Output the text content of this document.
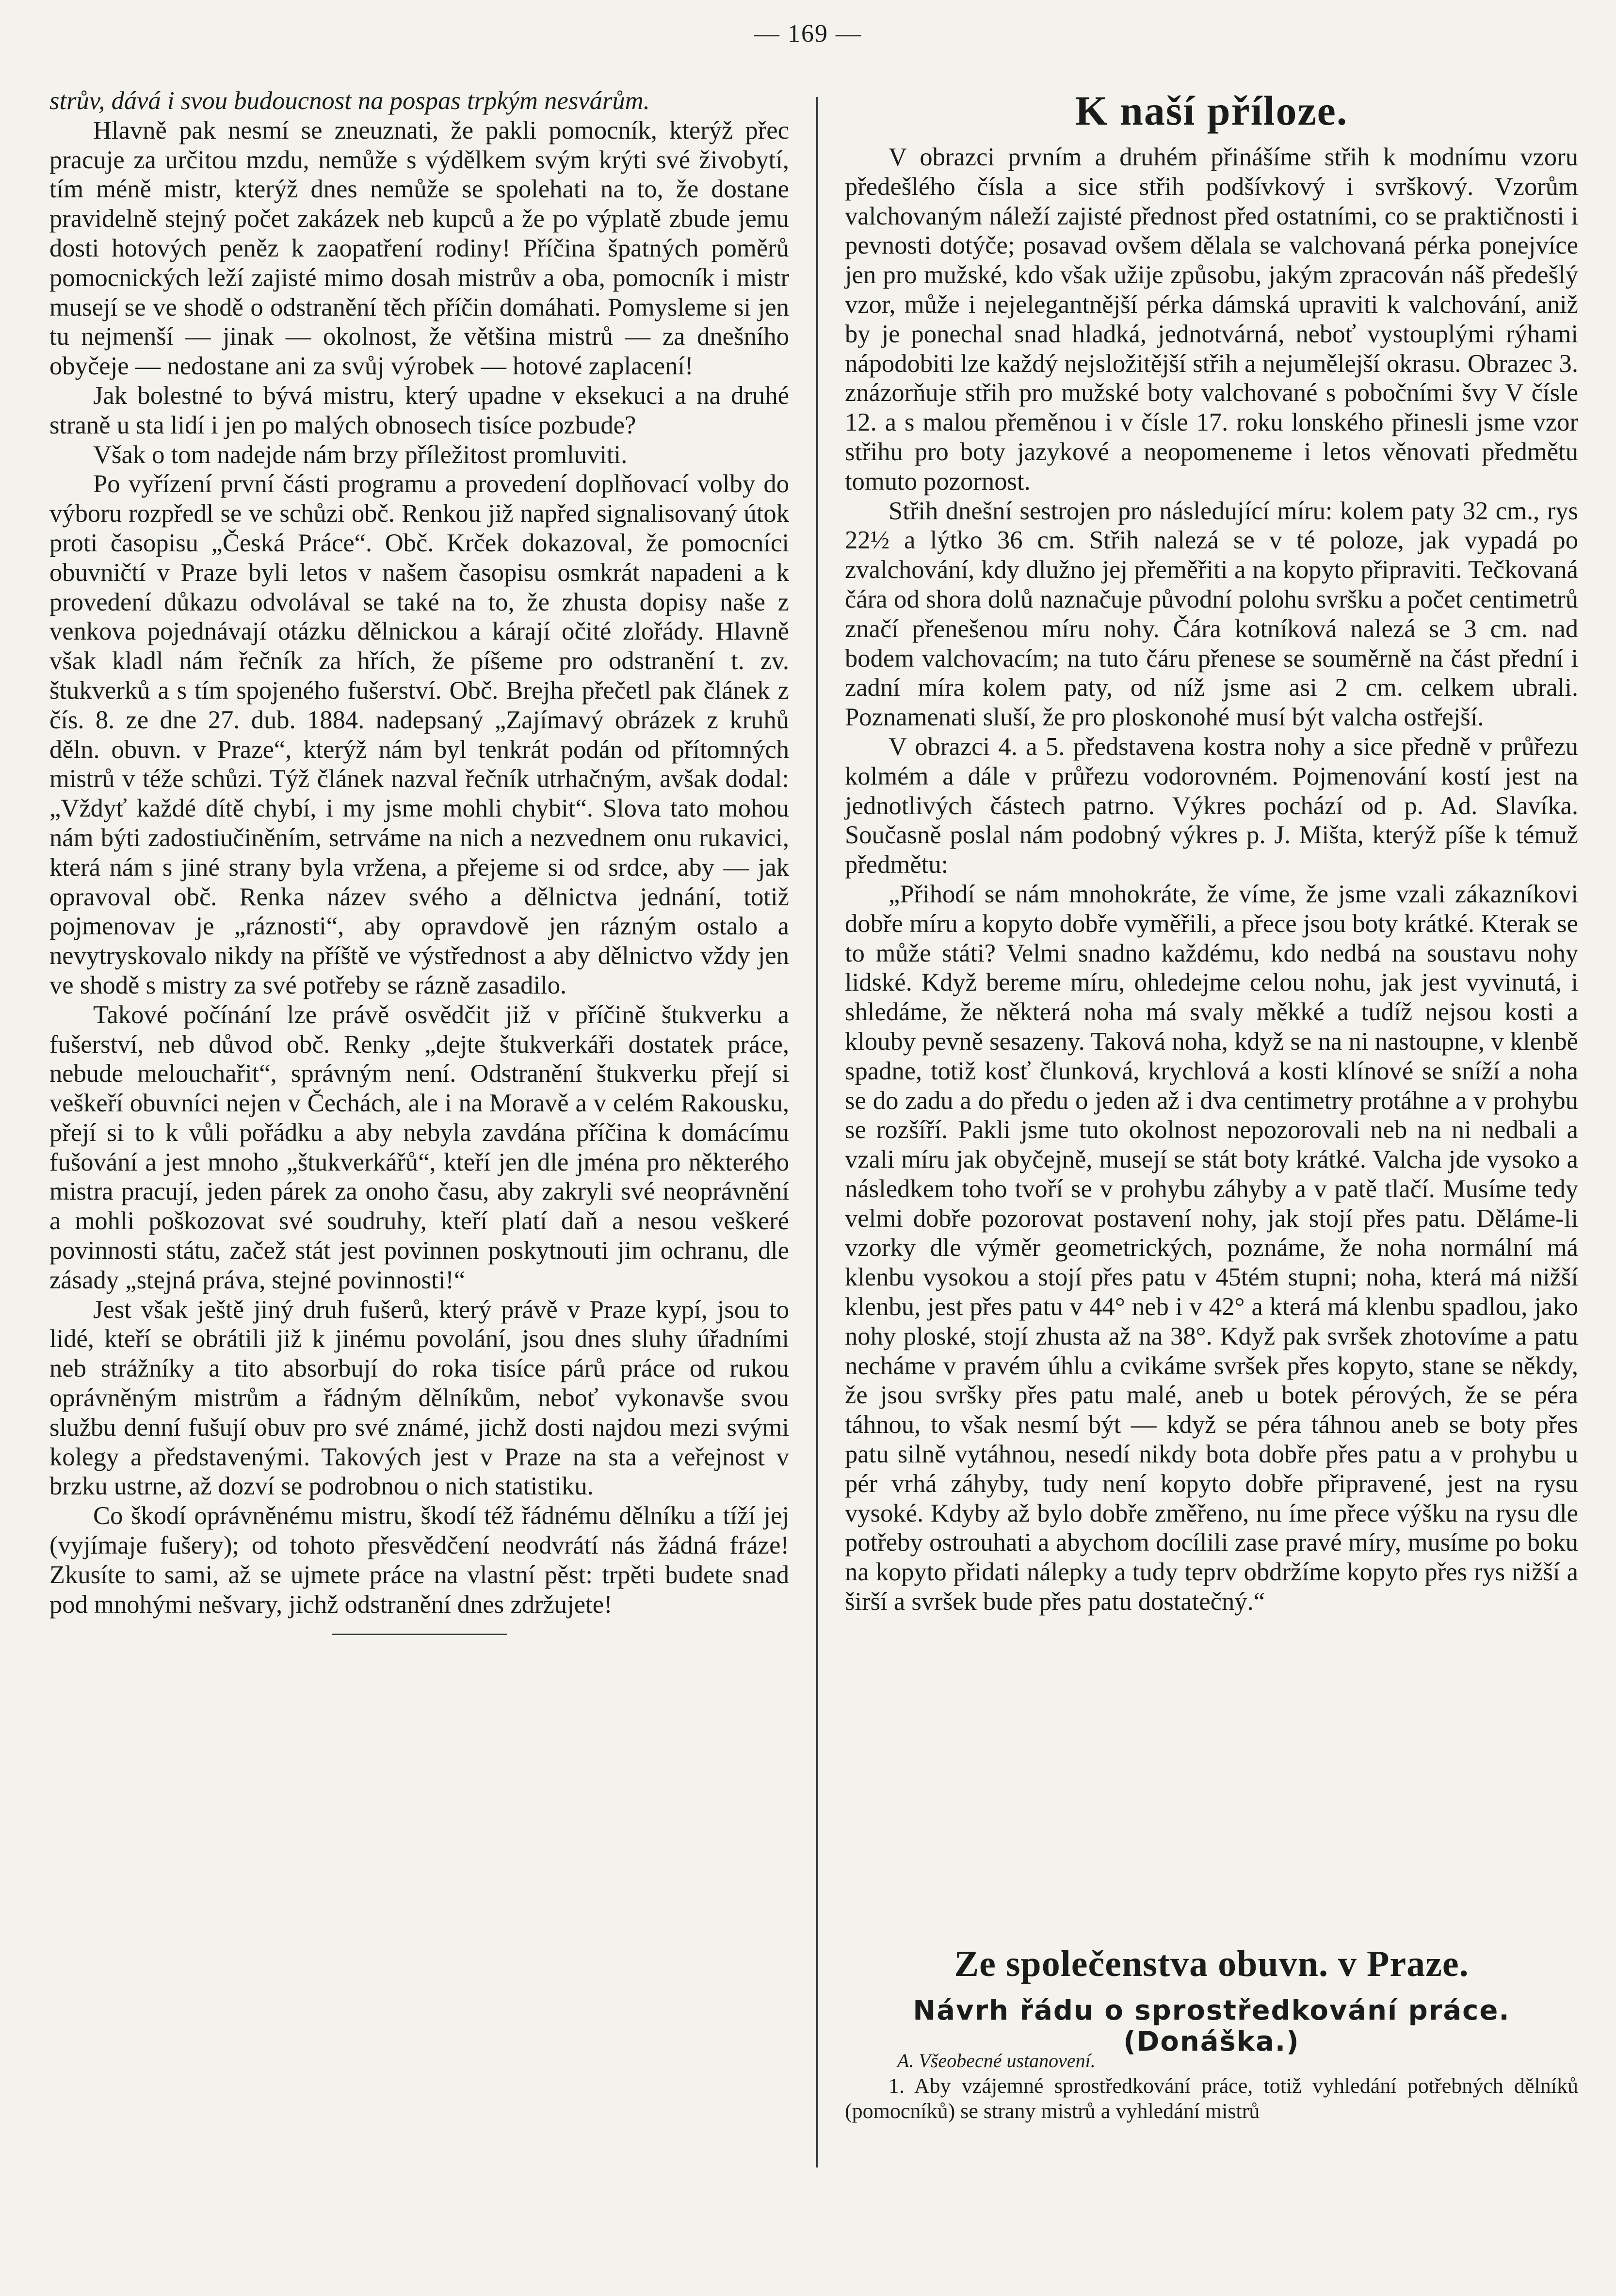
— 169 —

strův, dává i svou budoucnost na pospas trpkým nesvárům.

Hlavně pak nesmí se zneuznati, že pakli pomocník, kterýž přec pracuje za určitou mzdu, nemůže s výdělkem svým krýti své živobytí, tím méně mistr, kterýž dnes nemůže se spolehati na to, že dostane pravidelně stejný počet zakázek neb kupců a že po výplatě zbude jemu dosti hotových peněz k zaopatření rodiny! Příčina špatných poměrů pomocnických leží zajisté mimo dosah mistrův a oba, pomocník i mistr musejí se ve shodě o odstranění těch příčin domáhati. Pomysleme si jen tu nejmenší — jinak — okolnost, že většina mistrů — za dnešního obyčeje — nedostane ani za svůj výrobek — hotové zaplacení!

Jak bolestné to bývá mistru, který upadne v eksekuci a na druhé straně u sta lidí i jen po malých obnosech tisíce pozbude?

Však o tom nadejde nám brzy příležitost promluviti.

Po vyřízení první části programu a provedení doplňovací volby do výboru rozpředl se ve schůzi obč. Renkou již napřed signalisovaný útok proti časopisu „Česká Práce“. Obč. Krček dokazoval, že pomocníci obuvničtí v Praze byli letos v našem časopisu osmkrát napadeni a k provedení důkazu odvolával se také na to, že zhusta dopisy naše z venkova pojednávají otázku dělnickou a kárají očité zlořády. Hlavně však kladl nám řečník za hřích, že píšeme pro odstranění t. zv. štukverků a s tím spojeného fušerství. Obč. Brejha přečetl pak článek z čís. 8. ze dne 27. dub. 1884. nadepsaný „Zajímavý obrázek z kruhů děln. obuvn. v Praze“, kterýž nám byl tenkrát podán od přítomných mistrů v téže schůzi. Týž článek nazval řečník utrhačným, avšak dodal: „Vždyť každé dítě chybí, i my jsme mohli chybit“. Slova tato mohou nám býti zadostiučiněním, setrváme na nich a nezvednem onu rukavici, která nám s jiné strany byla vržena, a přejeme si od srdce, aby — jak opravoval obč. Renka název svého a dělnictva jednání, totiž pojmenovav je „ráznosti“, aby opravdově jen rázným ostalo a nevytryskovalo nikdy na příště ve výstřednost a aby dělnictvo vždy jen ve shodě s mistry za své potřeby se rázně zasadilo.

Takové počínání lze právě osvědčit již v příčině štukverku a fušerství, neb důvod obč. Renky „dejte štukverkáři dostatek práce, nebude melouchařit“, správným není. Odstranění štukverku přejí si veškeří obuvníci nejen v Čechách, ale i na Moravě a v celém Rakousku, přejí si to k vůli pořádku a aby nebyla zavdána příčina k domácímu fušování a jest mnoho „štukverkářů“, kteří jen dle jména pro některého mistra pracují, jeden párek za onoho času, aby zakryli své neoprávnění a mohli poškozovat své soudruhy, kteří platí daň a nesou veškeré povinnosti státu, začež stát jest povinnen poskytnouti jim ochranu, dle zásady „stejná práva, stejné povinnosti!“

Jest však ještě jiný druh fušerů, který právě v Praze kypí, jsou to lidé, kteří se obrátili již k jinému povolání, jsou dnes sluhy úřadními neb strážníky a tito absorbují do roka tisíce párů práce od rukou oprávněným mistrům a řádným dělníkům, neboť vykonavše svou službu denní fušují obuv pro své známé, jichž dosti najdou mezi svými kolegy a představenými. Takových jest v Praze na sta a veřejnost v brzku ustrne, až dozví se podrobnou o nich statistiku.

Co škodí oprávněnému mistru, škodí též řádnému dělníku a tíží jej (vyjímaje fušery); od tohoto přesvědčení neodvrátí nás žádná fráze! Zkusíte to sami, až se ujmete práce na vlastní pěst: trpěti budete snad pod mnohými nešvary, jichž odstranění dnes zdržujete!

K naší příloze.

V obrazci prvním a druhém přinášíme střih k modnímu vzoru předešlého čísla a sice střih podšívkový i svrškový. Vzorům valchovaným náleží zajisté přednost před ostatními, co se praktičnosti i pevnosti dotýče; posavad ovšem dělala se valchovaná pérka ponejvíce jen pro mužské, kdo však užije způsobu, jakým zpracován náš předešlý vzor, může i nejelegantnější pérka dámská upraviti k valchování, aniž by je ponechal snad hladká, jednotvárná, neboť vystouplými rýhami nápodobiti lze každý nejsložitější střih a nejumělejší okrasu. Obrazec 3. znázorňuje střih pro mužské boty valchované s pobočními švy V čísle 12. a s malou přeměnou i v čísle 17. roku lonského přinesli jsme vzor střihu pro boty jazykové a neopomeneme i letos věnovati předmětu tomuto pozornost.

Střih dnešní sestrojen pro následující míru: kolem paty 32 cm., rys 22½ a lýtko 36 cm. Střih nalezá se v té poloze, jak vypadá po zvalchování, kdy dlužno jej přeměřiti a na kopyto připraviti. Tečkovaná čára od shora dolů naznačuje původní polohu svršku a počet centimetrů značí přenešenou míru nohy. Čára kotníková nalezá se 3 cm. nad bodem valchovacím; na tuto čáru přenese se souměrně na část přední i zadní míra kolem paty, od níž jsme asi 2 cm. celkem ubrali. Poznamenati sluší, že pro ploskonohé musí být valcha ostřejší.

V obrazci 4. a 5. představena kostra nohy a sice předně v průřezu kolmém a dále v průřezu vodorovném. Pojmenování kostí jest na jednotlivých částech patrno. Výkres pochází od p. Ad. Slavíka. Současně poslal nám podobný výkres p. J. Mišta, kterýž píše k témuž předmětu:

„Přihodí se nám mnohokráte, že víme, že jsme vzali zákazníkovi dobře míru a kopyto dobře vyměřili, a přece jsou boty krátké. Kterak se to může státi? Velmi snadno každému, kdo nedbá na soustavu nohy lidské. Když bereme míru, ohledejme celou nohu, jak jest vyvinutá, i shledáme, že některá noha má svaly měkké a tudíž nejsou kosti a klouby pevně sesazeny. Taková noha, když se na ni nastoupne, v klenbě spadne, totiž kosť člunková, krychlová a kosti klínové se sníží a noha se do zadu a do předu o jeden až i dva centimetry protáhne a v prohybu se rozšíří. Pakli jsme tuto okolnost nepozorovali neb na ni nedbali a vzali míru jak obyčejně, musejí se stát boty krátké. Valcha jde vysoko a následkem toho tvoří se v prohybu záhyby a v patě tlačí. Musíme tedy velmi dobře pozorovat postavení nohy, jak stojí přes patu. Děláme-li vzorky dle výměr geometrických, poznáme, že noha normální má klenbu vysokou a stojí přes patu v 45tém stupni; noha, která má nižší klenbu, jest přes patu v 44° neb i v 42° a která má klenbu spadlou, jako nohy ploské, stojí zhusta až na 38°. Když pak svršek zhotovíme a patu necháme v pravém úhlu a cvikáme svršek přes kopyto, stane se někdy, že jsou svršky přes patu malé, aneb u botek pérových, že se péra táhnou, to však nesmí být — když se péra táhnou aneb se boty přes patu silně vytáhnou, nesedí nikdy bota dobře přes patu a v prohybu u pér vrhá záhyby, tudy není kopyto dobře připravené, jest na rysu vysoké. Kdyby až bylo dobře změřeno, nu íme přece výšku na rysu dle potřeby ostrouhati a abychom docílili zase pravé míry, musíme po boku na kopyto přidati nálepky a tudy teprv obdržíme kopyto přes rys nižší a širší a svršek bude přes patu dostatečný.“

Ze společenstva obuvn. v Praze.
Návrh řádu o sprostředkování práce. (Donáška.)
A. Všeobecné ustanovení.
1. Aby vzájemné sprostředkování práce, totiž vyhledání potřebných dělníků (pomocníků) se strany mistrů a vyhledání mistrů
